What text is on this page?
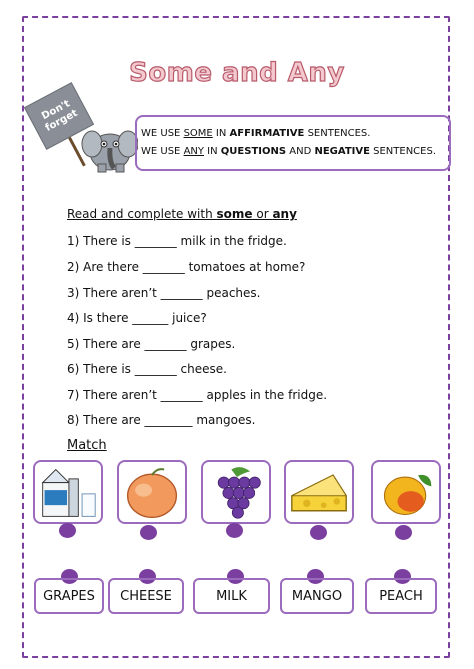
Some and Any
Don't forget	WE USE SOME IN AFFIRMATIVE SENTENCES.
WE USE ANY IN QUESTIONS AND NEGATIVE SENTENCES.
Read and complete with some or any
1) There is _______ milk in the fridge.
2) Are there _______ tomatoes at home?
3) There aren’t _______ peaches.
4) Is there ______ juice?
5) There are _______ grapes.
6) There is _______ cheese.
7) There aren’t _______ apples in the fridge.
8) There are ________ mangoes.
Match
GRAPES	CHEESE	MILK	MANGO	PEACH
